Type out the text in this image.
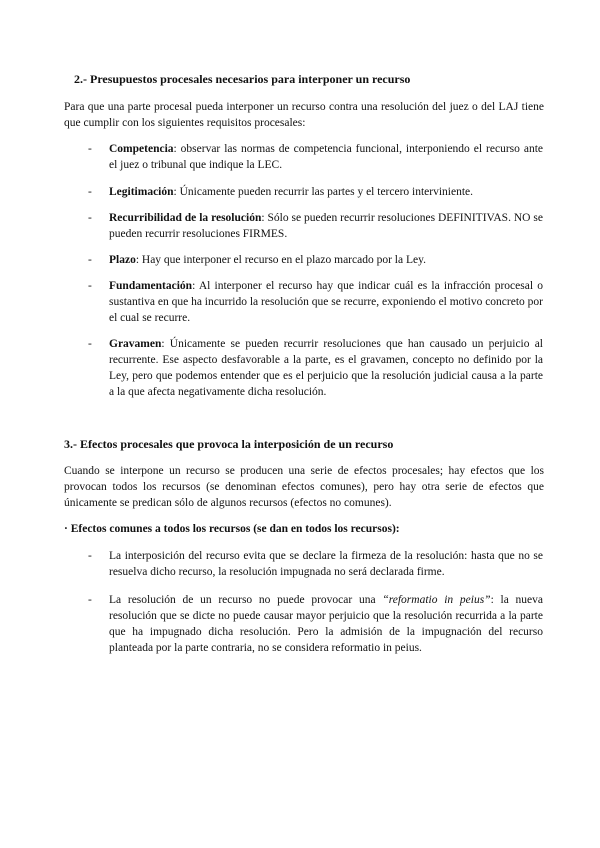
2.- Presupuestos procesales necesarios para interponer un recurso

Para que una parte procesal pueda interponer un recurso contra una resolución del juez o del LAJ tiene que cumplir con los siguientes requisitos procesales:

- Competencia: observar las normas de competencia funcional, interponiendo el recurso ante el juez o tribunal que indique la LEC.
- Legitimación: Únicamente pueden recurrir las partes y el tercero interviniente.
- Recurribilidad de la resolución: Sólo se pueden recurrir resoluciones DEFINITIVAS. NO se pueden recurrir resoluciones FIRMES.
- Plazo: Hay que interponer el recurso en el plazo marcado por la Ley.
- Fundamentación: Al interponer el recurso hay que indicar cuál es la infracción procesal o sustantiva en que ha incurrido la resolución que se recurre, exponiendo el motivo concreto por el cual se recurre.
- Gravamen: Únicamente se pueden recurrir resoluciones que han causado un perjuicio al recurrente. Ese aspecto desfavorable a la parte, es el gravamen, concepto no definido por la Ley, pero que podemos entender que es el perjuicio que la resolución judicial causa a la parte a la que afecta negativamente dicha resolución.
3.- Efectos procesales que provoca la interposición de un recurso

Cuando se interpone un recurso se producen una serie de efectos procesales; hay efectos que los provocan todos los recursos (se denominan efectos comunes), pero hay otra serie de efectos que únicamente se predican sólo de algunos recursos (efectos no comunes).

· Efectos comunes a todos los recursos (se dan en todos los recursos):
- La interposición del recurso evita que se declare la firmeza de la resolución: hasta que no se resuelva dicho recurso, la resolución impugnada no será declarada firme.
- La resolución de un recurso no puede provocar una “reformatio in peius”: la nueva resolución que se dicte no puede causar mayor perjuicio que la resolución recurrida a la parte que ha impugnado dicha resolución. Pero la admisión de la impugnación del recurso planteada por la parte contraria, no se considera reformatio in peius.
